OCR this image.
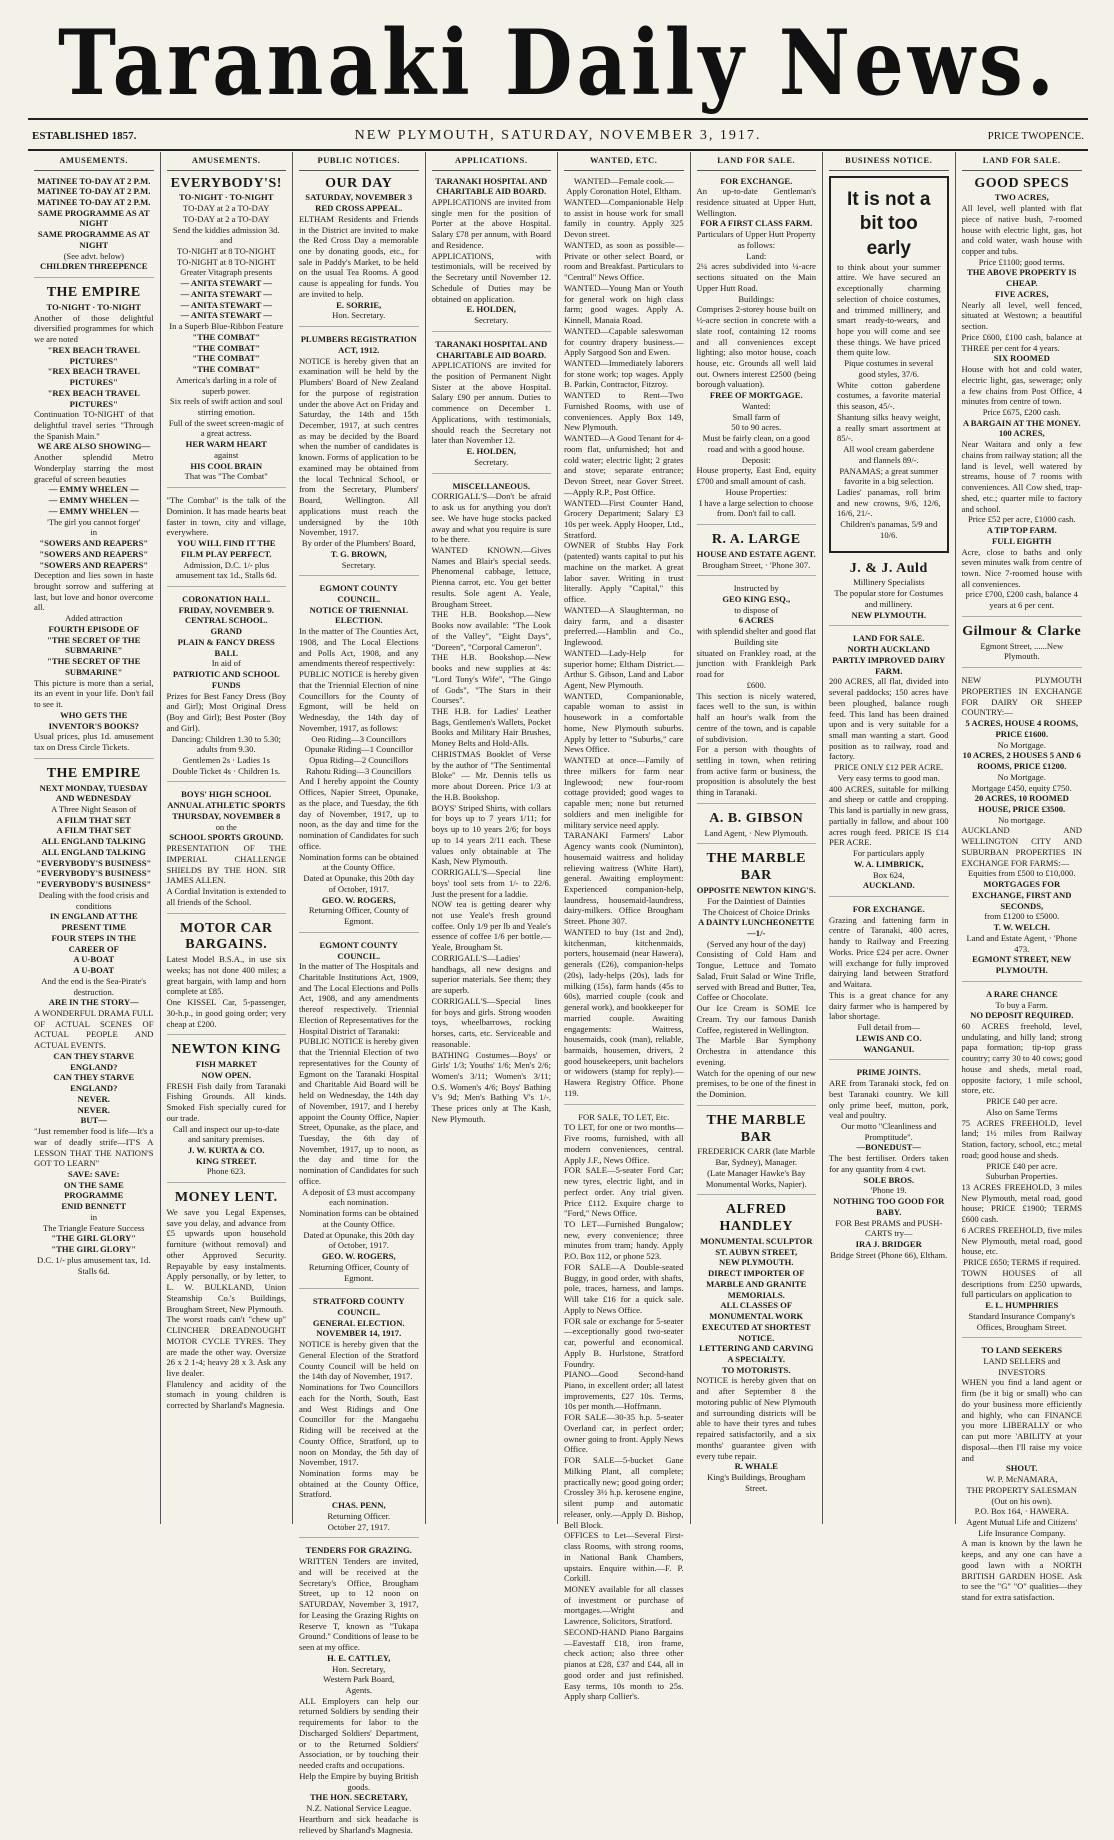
Taranaki Daily News.
ESTABLISHED 1857.	NEW PLYMOUTH, SATURDAY, NOVEMBER 3, 1917.	PRICE TWOPENCE.
AMUSEMENTS.
MATINEE TO-DAY AT 2 P.M.
MATINEE TO-DAY AT 2 P.M.
MATINEE TO-DAY AT 2 P.M.
SAME PROGRAMME AS AT NIGHT
SAME PROGRAMME AS AT NIGHT
(See advt. below)
CHILDREN THREEPENCE
THE EMPIRE
TO-NIGHT · TO-NIGHT
Another of those delightful diversified programmes for which we are noted
"REX BEACH TRAVEL PICTURES"
"REX BEACH TRAVEL PICTURES"
"REX BEACH TRAVEL PICTURES"
Continuation TO-NIGHT of that delightful travel series "Through the Spanish Main."
WE ARE ALSO SHOWING—
Another splendid Metro Wonderplay starring the most graceful of screen beauties
— EMMY WHELEN —
— EMMY WHELEN —
— EMMY WHELEN —
'The girl you cannot forget'
in
"SOWERS AND REAPERS"
"SOWERS AND REAPERS"
"SOWERS AND REAPERS"
Deception and lies sown in haste brought sorrow and suffering at last, but love and honor overcome all.
Added attraction
FOURTH EPISODE OF
"THE SECRET OF THE SUBMARINE"
"THE SECRET OF THE SUBMARINE"
This picture is more than a serial, its an event in your life. Don't fail to see it.
WHO GETS THE INVENTOR'S BOOKS?
Usual prices, plus 1d. amusement tax on Dress Circle Tickets.
THE EMPIRE
NEXT MONDAY, TUESDAY AND WEDNESDAY
A Three Night Season of
A FILM THAT SET
A FILM THAT SET
ALL ENGLAND TALKING
ALL ENGLAND TALKING
"EVERYBODY'S BUSINESS"
"EVERYBODY'S BUSINESS"
"EVERYBODY'S BUSINESS"
Dealing with the food crisis and conditions
IN ENGLAND AT THE PRESENT TIME
FOUR STEPS IN THE CAREER OF
A U-BOAT
A U-BOAT
And the end is the Sea-Pirate's destruction.
ARE IN THE STORY—
A WONDERFUL DRAMA FULL OF ACTUAL SCENES OF ACTUAL PEOPLE AND ACTUAL EVENTS.
CAN THEY STARVE ENGLAND?
CAN THEY STARVE ENGLAND?
NEVER.
NEVER.
BUT—
"Just remember food is life—It's a war of deadly strife—IT'S A LESSON THAT THE NATION'S GOT TO LEARN"
SAVE: SAVE:
ON THE SAME PROGRAMME
ENID BENNETT
in
The Triangle Feature Success
"THE GIRL GLORY"
"THE GIRL GLORY"
D.C. 1/- plus amusement tax, 1d. Stalls 6d.
AMUSEMENTS.
EVERYBODY'S!
TO-NIGHT · TO-NIGHT
TO-DAY at 2 a TO-DAY
TO-DAY at 2 a TO-DAY
Send the kiddies admission 3d.
and
TO-NIGHT at 8 TO-NIGHT
TO-NIGHT at 8 TO-NIGHT
Greater Vitagraph presents
— ANITA STEWART —
— ANITA STEWART —
— ANITA STEWART —
— ANITA STEWART —
In a Superb Blue-Ribbon Feature
"THE COMBAT"
"THE COMBAT"
"THE COMBAT"
"THE COMBAT"
America's darling in a role of superb power.
Six reels of swift action and soul stirring emotion.
Full of the sweet screen-magic of a great actress.
HER WARM HEART
against
HIS COOL BRAIN
That was "The Combat"
"The Combat" is the talk of the Dominion. It has made hearts beat faster in town, city and village, everywhere.
YOU WILL FIND IT THE FILM PLAY PERFECT.
Admission, D.C. 1/- plus amusement tax 1d., Stalls 6d.
CORONATION HALL.
FRIDAY, NOVEMBER 9.
CENTRAL SCHOOL.
GRAND
PLAIN & FANCY DRESS
BALL
In aid of
PATRIOTIC AND SCHOOL FUNDS
Prizes for Best Fancy Dress (Boy and Girl); Most Original Dress (Boy and Girl); Best Poster (Boy and Girl).
Dancing: Children 1.30 to 5.30; adults from 9.30.
Gentlemen 2s · Ladies 1s
Double Ticket 4s · Children 1s.
BOYS' HIGH SCHOOL
ANNUAL ATHLETIC SPORTS
THURSDAY, NOVEMBER 8
on the
SCHOOL SPORTS GROUND.
PRESENTATION OF THE IMPERIAL CHALLENGE SHIELDS BY THE HON. SIR JAMES ALLEN.
A Cordial Invitation is extended to all friends of the School.
MOTOR CAR BARGAINS.
Latest Model B.S.A., in use six weeks; has not done 400 miles; a great bargain, with lamp and horn complete at £85.
One KISSEL Car, 5-passenger, 30-h.p., in good going order; very cheap at £200.
NEWTON KING
FISH MARKET
NOW OPEN.
FRESH Fish daily from Taranaki Fishing Grounds. All kinds. Smoked Fish specially cured for our trade.
Call and inspect our up-to-date and sanitary premises.
J. W. KURTA & CO.
KING STREET.
Phone 623.
MONEY LENT.
We save you Legal Expenses, save you delay, and advance from £5 upwards upon household furniture (without removal) and other Approved Security. Repayable by easy instalments. Apply personally, or by letter, to L. W. BULKLAND, Union Steamship Co.'s Buildings, Brougham Street, New Plymouth.
The worst roads can't "chew up" CLINCHER DREADNOUGHT MOTOR CYCLE TYRES. They are made the other way. Oversize 26 x 2 1-4; heavy 28 x 3. Ask any live dealer.
Flatulency and acidity of the stomach in young children is corrected by Sharland's Magnesia.
PUBLIC NOTICES.
OUR DAY
SATURDAY, NOVEMBER 3
RED CROSS APPEAL.
ELTHAM Residents and Friends in the District are invited to make the Red Cross Day a memorable one by donating goods, etc., for sale in Paddy's Market, to be held on the usual Tea Rooms. A good cause is appealing for funds. You are invited to help.
E. SORRIE,
Hon. Secretary.
PLUMBERS REGISTRATION ACT, 1912.
NOTICE is hereby given that an examination will be held by the Plumbers' Board of New Zealand for the purpose of registration under the above Act on Friday and Saturday, the 14th and 15th December, 1917, at such centres as may be decided by the Board when the number of candidates is known. Forms of application to be examined may be obtained from the local Technical School, or from the Secretary, Plumbers' Board, Wellington. All applications must reach the undersigned by the 10th November, 1917.
By order of the Plumbers' Board,
T. G. BROWN,
Secretary.
EGMONT COUNTY COUNCIL.
NOTICE OF TRIENNIAL ELECTION.
In the matter of The Counties Act, 1908, and The Local Elections and Polls Act, 1908, and any amendments thereof respectively:
PUBLIC NOTICE is hereby given that the Triennial Election of nine Councillors for the County of Egmont, will be held on Wednesday, the 14th day of November, 1917, as follows:
Oeo Riding—3 Councillors
Opunake Riding—1 Councillor
Opua Riding—2 Councillors
Rahotu Riding—3 Councillors
And I hereby appoint the County Offices, Napier Street, Opunake, as the place, and Tuesday, the 6th day of November, 1917, up to noon, as the day and time for the nomination of Candidates for such office.
Nomination forms can be obtained at the County Office.
Dated at Opunake, this 20th day of October, 1917.
GEO. W. ROGERS,
Returning Officer, County of Egmont.
EGMONT COUNTY COUNCIL.
In the matter of The Hospitals and Charitable Institutions Act, 1909, and The Local Elections and Polls Act, 1908, and any amendments thereof respectively. Triennial Election of Representatives for the Hospital District of Taranaki:
PUBLIC NOTICE is hereby given that the Triennial Election of two representatives for the County of Egmont on the Taranaki Hospital and Charitable Aid Board will be held on Wednesday, the 14th day of November, 1917, and I hereby appoint the County Office, Napier Street, Opunake, as the place, and Tuesday, the 6th day of November, 1917, up to noon, as the day and time for the nomination of Candidates for such office.
A deposit of £3 must accompany each nomination.
Nomination forms can be obtained at the County Office.
Dated at Opunake, this 20th day of October, 1917.
GEO. W. ROGERS,
Returning Officer, County of Egmont.
STRATFORD COUNTY COUNCIL.
GENERAL ELECTION.
NOVEMBER 14, 1917.
NOTICE is hereby given that the General Election of the Stratford County Council will be held on the 14th day of November, 1917.
Nominations for Two Councillors each for the North, South, East and West Ridings and One Councillor for the Mangaehu Riding will be received at the County Office, Stratford, up to noon on Monday, the 5th day of November, 1917.
Nomination forms may be obtained at the County Office, Stratford.
CHAS. PENN,
Returning Officer.
October 27, 1917.
TENDERS FOR GRAZING.
WRITTEN Tenders are invited, and will be received at the Secretary's Office, Brougham Street, up to 12 noon on SATURDAY, November 3, 1917, for Leasing the Grazing Rights on Reserve T, known as "Tukapa Ground." Conditions of lease to be seen at my office.
H. E. CATTLEY,
Hon. Secretary,
Western Park Board,
Agents.
ALL Employers can help our returned Soldiers by sending their requirements for labor to the Discharged Soldiers' Department, or to the Returned Soldiers' Association, or by touching their needed crafts and occupations.
Help the Empire by buying British goods.
THE HON. SECRETARY,
N.Z. National Service League.
Heartburn and sick headache is relieved by Sharland's Magnesia.
APPLICATIONS.
TARANAKI HOSPITAL AND CHARITABLE AID BOARD.
APPLICATIONS are invited from single men for the position of Porter at the above Hospital. Salary £78 per annum, with Board and Residence.
APPLICATIONS, with testimonials, will be received by the Secretary until November 12. Schedule of Duties may be obtained on application.
E. HOLDEN,
Secretary.
TARANAKI HOSPITAL AND CHARITABLE AID BOARD.
APPLICATIONS are invited for the position of Permanent Night Sister at the above Hospital. Salary £90 per annum. Duties to commence on December 1. Applications, with testimonials, should reach the Secretary not later than November 12.
E. HOLDEN,
Secretary.
MISCELLANEOUS.
CORRIGALL'S—Don't be afraid to ask us for anything you don't see. We have huge stocks packed away and what you require is sure to be there.
WANTED KNOWN.—Gives Names and Blair's special seeds. Phenomenal cabbage, lettuce, Pienna carrot, etc. You get better results. Sole agent A. Yeale, Brougham Street.
THE H.B. Bookshop.—New Books now available: "The Look of the Valley", "Eight Days", "Doreen", "Corporal Cameron".
THE H.B. Bookshop.—New books and new supplies at 4s: "Lord Tony's Wife", "The Gingo of Gods", "The Stars in their Courses".
THE H.B. for Ladies' Leather Bags, Gentlemen's Wallets, Pocket Books and Military Hair Brushes, Money Belts and Hold-Alls.
CHRISTMAS Booklet of Verse by the author of "The Sentimental Bloke" — Mr. Dennis tells us more about Doreen. Price 1/3 at the H.B. Bookshop.
BOYS' Striped Shirts, with collars for boys up to 7 years 1/11; for boys up to 10 years 2/6; for boys up to 14 years 2/11 each. These values only obtainable at The Kash, New Plymouth.
CORRIGALL'S—Special line boys' tool sets from 1/- to 22/6. Just the present for a laddie.
NOW tea is getting dearer why not use Yeale's fresh ground coffee. Only 1/9 per lb and Yeale's essence of coffee 1/6 per bottle.—Yeale, Brougham St.
CORRIGALL'S—Ladies' handbags, all new designs and superior materials. See them; they are superb.
CORRIGALL'S—Special lines for boys and girls. Strong wooden toys, wheelbarrows, rocking horses, carts, etc. Serviceable and reasonable.
BATHING Costumes—Boys' or Girls' 1/3; Youths' 1/6; Men's 2/6; Women's 3/11; Women's 3/11; O.S. Women's 4/6; Boys' Bathing V's 9d; Men's Bathing V's 1/-. These prices only at The Kash, New Plymouth.
WANTED, ETC.
WANTED—Female cook.—Apply Coronation Hotel, Eltham.
WANTED—Companionable Help to assist in house work for small family in country. Apply 325 Devon street.
WANTED, as soon as possible—Private or other select Board, or room and Breakfast. Particulars to "Central" News Office.
WANTED—Young Man or Youth for general work on high class farm; good wages. Apply A. Kinnell, Manaia Road.
WANTED—Capable saleswoman for country drapery business.—Apply Sargood Son and Ewen.
WANTED—Immediately laborers for stone work; top wages. Apply B. Parkin, Contractor, Fitzroy.
WANTED to Rent—Two Furnished Rooms, with use of conveniences. Apply Box 149, New Plymouth.
WANTED—A Good Tenant for 4-room flat, unfurnished; hot and cold water; electric light; 2 grates and stove; separate entrance; Devon Street, near Gover Street.—Apply R.P., Post Office.
WANTED—First Counter Hand, Grocery Department; Salary £3 10s per week. Apply Hooper, Ltd., Stratford.
OWNER of Stubbs Hay Fork (patented) wants capital to put his machine on the market. A great labor saver. Writing in trust literally. Apply "Capital," this office.
WANTED—A Slaughterman, no dairy farm, and a disaster preferred.—Hamblin and Co., Inglewood.
WANTED—Lady-Help for superior home; Eltham District.—Arthur S. Gibson, Land and Labor Agent, New Plymouth.
WANTED, Companionable, capable woman to assist in housework in a comfortable home, New Plymouth suburbs. Apply by letter to "Suburbs," care News Office.
WANTED at once—Family of three milkers for farm near Inglewood; new four-room cottage provided; good wages to capable men; none but returned soldiers and men ineligible for military service need apply.
TARANAKI Farmers' Labor Agency wants cook (Numinton), housemaid waitress and holiday relieving waitress (White Hart), general. Awaiting employment: Experienced companion-help, laundress, housemaid-laundress, dairy-milkers. Office Brougham Street. Phone 307.
WANTED to buy (1st and 2nd), kitchenman, kitchenmaids, porters, housemaid (near Hawera), generals (£26), companion-helps (20s), lady-helps (20s), lads for milking (15s), farm hands (45s to 60s), married couple (cook and general work), and bookkeeper for married couple. Awaiting engagements: Waitress, housemaids, cook (man), reliable, barmaids, housemen, drivers, 2 good housekeepers, unit bachelors or widowers (stamp for reply).—Hawera Registry Office. Phone 119.
FOR SALE, TO LET, Etc.
TO LET, for one or two months—Five rooms, furnished, with all modern conveniences, central. Apply J.F., News Office.
FOR SALE—5-seater Ford Car; new tyres, electric light, and in perfect order. Any trial given. Price £112. Exquire charge to "Ford," News Office.
TO LET—Furnished Bungalow; new, every convenience; three minutes from tram; handy. Apply P.O. Box 112, or phone 523.
FOR SALE—A Double-seated Buggy, in good order, with shafts, pole, traces, harness, and lamps. Will take £16 for a quick sale. Apply to News Office.
FOR sale or exchange for 5-seater—exceptionally good two-seater car, powerful and economical. Apply B. Hurlstone, Stratford Foundry.
PIANO—Good Second-hand Piano, in excellent order; all latest improvements, £27 10s. Terms, 10s per month.—Hoffmann.
FOR SALE—30-35 h.p. 5-seater Overland car, in perfect order; owner going to front. Apply News Office.
FOR SALE—5-bucket Gane Milking Plant, all complete; practically new; good going order; Crossley 3½ h.p. kerosene engine, silent pump and automatic releaser, only.—Apply D. Bishop, Bell Block.
OFFICES to Let—Several First-class Rooms, with strong rooms, in National Bank Chambers, upstairs. Enquire within.—F. P. Corkill.
MONEY available for all classes of investment or purchase of mortgages.—Wright and Lawrence, Solicitors, Stratford.
SECOND-HAND Piano Bargains—Eavestaff £18, iron frame, check action; also three other pianos at £28, £37 and £44, all in good order and just refinished. Easy terms, 10s month to 25s. Apply sharp Collier's.
LAND FOR SALE.
FOR EXCHANGE.
An up-to-date Gentleman's residence situated at Upper Hutt, Wellington.
FOR A FIRST CLASS FARM.
Particulars of Upper Hutt Property as follows:
Land:
2¼ acres subdivided into ¼-acre sections situated on the Main Upper Hutt Road.
Buildings:
Comprises 2-storey house built on ½-acre section in concrete with a slate roof, containing 12 rooms and all conveniences except lighting; also motor house, coach house, etc. Grounds all well laid out. Owners interest £2500 (being borough valuation).
FREE OF MORTGAGE.
Wanted:
Small farm of
50 to 90 acres.
Must be fairly clean, on a good road and with a good house.
Deposit:
House property, East End, equity £700 and small amount of cash.
House Properties:
I have a large selection to choose from. Don't fail to call.
R. A. LARGE
HOUSE AND ESTATE AGENT.
Brougham Street, · 'Phone 307.
Instructed by
GEO KING ESQ.,
to dispose of
6 ACRES
with splendid shelter and good flat
Building site
situated on Frankley road, at the junction with Frankleigh Park road for
£600.
This section is nicely watered, faces well to the sun, is within half an hour's walk from the centre of the town, and is capable of subdivision.
For a person with thoughts of settling in town, when retiring from active farm or business, the proposition is absolutely the best thing in Taranaki.
A. B. GIBSON
Land Agent, · New Plymouth.
THE MARBLE BAR
OPPOSITE NEWTON KING'S.
For the Daintiest of Dainties
The Choicest of Choice Drinks
A DAINTY LUNCHEONETTE—1/-
(Served any hour of the day)
Consisting of Cold Ham and Tongue, Lettuce and Tomato Salad, Fruit Salad or Wine Trifle, served with Bread and Butter, Tea, Coffee or Chocolate.
Our Ice Cream is SOME Ice Cream. Try our famous Danish Coffee, registered in Wellington.
The Marble Bar Symphony Orchestra in attendance this evening.
Watch for the opening of our new premises, to be one of the finest in the Dominion.
THE MARBLE BAR
FREDERICK CARR (late Marble Bar, Sydney), Manager.
(Late Manager Hawke's Bay Monumental Works, Napier).
ALFRED HANDLEY
MONUMENTAL SCULPTOR
ST. AUBYN STREET,
NEW PLYMOUTH.
DIRECT IMPORTER OF MARBLE AND GRANITE MEMORIALS.
ALL CLASSES OF MONUMENTAL WORK EXECUTED AT SHORTEST NOTICE.
LETTERING AND CARVING A SPECIALTY.
TO MOTORISTS.
NOTICE is hereby given that on and after September 8 the motoring public of New Plymouth and surrounding districts will be able to have their tyres and tubes repaired satisfactorily, and a six months' guarantee given with every tube repair.
R. WHALE
King's Buildings, Brougham Street.
BUSINESS NOTICE.
It is not a bit too early
to think about your summer attire. We have secured an exceptionally charming selection of choice costumes, and trimmed millinery, and smart ready-to-wears, and hope you will come and see these things. We have priced them quite low.
Pique costumes in several good styles, 37/6.
White cotton gaberdene costumes, a favorite material this season, 45/-.
Shantung silks heavy weight, a really smart assortment at 85/-.
All wool cream gaberdene and flannels 89/-.
PANAMAS; a great summer favorite in a big selection.
Ladies' panamas, roll brim and new crowns, 9/6, 12/6, 16/6, 21/-.
Children's panamas, 5/9 and 10/6.
J. & J. Auld
Millinery Specialists
The popular store for Costumes and millinery.
NEW PLYMOUTH.
LAND FOR SALE.
NORTH AUCKLAND
PARTLY IMPROVED DAIRY FARM.
200 ACRES, all flat, divided into several paddocks; 150 acres have been ploughed, balance rough feed. This land has been drained upon and is very suitable for a small man wanting a start. Good position as to railway, road and factory.
PRICE ONLY £12 PER ACRE. Very easy terms to good man.
400 ACRES, suitable for milking and sheep or cattle and cropping. This land is partially in new grass, partially in fallow, and about 100 acres rough feed. PRICE IS £14 PER ACRE.
For particulars apply
W. A. LIMBRICK,
Box 624,
AUCKLAND.
FOR EXCHANGE.
Grazing and fattening farm in centre of Taranaki, 400 acres, handy to Railway and Freezing Works. Price £24 per acre. Owner will exchange for fully improved dairying land between Stratford and Waitara.
This is a great chance for any dairy farmer who is hampered by labor shortage.
Full detail from—
LEWIS AND CO.
WANGANUI.
PRIME JOINTS.
ARE from Taranaki stock, fed on best Taranaki country. We kill only prime beef, mutton, pork, veal and poultry.
Our motto "Cleanliness and Promptitude".
—BONEDUST—
The best fertiliser. Orders taken for any quantity from 4 cwt.
SOLE BROS.
'Phone 19.
NOTHING TOO GOOD FOR BABY.
FOR Best PRAMS and PUSH-CARTS try—
IRA J. BRIDGER
Bridge Street (Phone 66), Eltham.
LAND FOR SALE.
GOOD SPECS
TWO ACRES,
All level, well planted with flat piece of native bush, 7-roomed house with electric light, gas, hot and cold water, wash house with copper and tubs.
Price £1100; good terms.
THE ABOVE PROPERTY IS CHEAP.
FIVE ACRES,
Nearly all level, well fenced, situated at Westown; a beautiful section.
Price £600, £100 cash, balance at THREE per cent for 4 years.
SIX ROOMED
House with hot and cold water, electric light, gas, sewerage; only a few chains from Post Office, 4 minutes from centre of town.
Price £675, £200 cash.
A BARGAIN AT THE MONEY.
100 ACRES,
Near Waitara and only a few chains from railway station; all the land is level, well watered by streams, house of 7 rooms with conveniences. All Cow shed, trap-shed, etc.; quarter mile to factory and school.
Price £52 per acre, £1000 cash.
A TIP TOP FARM.
FULL EIGHTH
Acre, close to baths and only seven minutes walk from centre of town. Nice 7-roomed house with all conveniences.
price £700, £200 cash, balance 4 years at 6 per cent.
Gilmour & Clarke
Egmont Street, ......New Plymouth.
NEW PLYMOUTH PROPERTIES IN EXCHANGE FOR DAIRY OR SHEEP COUNTRY:—
5 ACRES, HOUSE 4 ROOMS, PRICE £1600.
No Mortgage.
10 ACRES, 2 HOUSES 5 AND 6 ROOMS, PRICE £1200.
No Mortgage.
Mortgage £450, equity £750.
20 ACRES, 10 ROOMED HOUSE, PRICE £3500.
No mortgage.
AUCKLAND AND WELLINGTON CITY AND SUBURBAN PROPERTIES IN EXCHANGE FOR FARMS:—
Equities from £500 to £10,000.
MORTGAGES FOR EXCHANGE, FIRST AND SECONDS,
from £1200 to £5000.
T. W. WELCH.
Land and Estate Agent, · 'Phone 473.
EGMONT STREET, NEW PLYMOUTH.
A RARE CHANCE
To buy a Farm.
NO DEPOSIT REQUIRED.
60 ACRES freehold, level, undulating, and hilly land; strong papa formation; tip-top grass country; carry 30 to 40 cows; good house and sheds, metal road, opposite factory, 1 mile school, store, etc.
PRICE £40 per acre.
Also on Same Terms
75 ACRES FREEHOLD, level land; 1½ miles from Railway Station, factory, school, etc.; metal road; good house and sheds.
PRICE £40 per acre.
Suburban Properties.
13 ACRES FREEHOLD, 3 miles New Plymouth, metal road, good house; PRICE £1900; TERMS £600 cash.
6 ACRES FREEHOLD, five miles New Plymouth, metal road, good house, etc.
PRICE £650; TERMS if required.
TOWN HOUSES of all descriptions from £250 upwards, full particulars on application to
E. L. HUMPHRIES
Standard Insurance Company's Offices, Brougham Street.
TO LAND SEEKERS
LAND SELLERS and INVESTORS
WHEN you find a land agent or firm (be it big or small) who can do your business more efficiently and highly, who can FINANCE you more LIBERALLY or who can put more 'ABILITY at your disposal—then I'll raise my voice and
SHOUT.
W. P. McNAMARA,
THE PROPERTY SALESMAN (Out on his own).
P.O. Box 164, · HAWERA.
Agent Mutual Life and Citizens' Life Insurance Company.
A man is known by the lawn he keeps, and any one can have a good lawn with a NORTH BRITISH GARDEN HOSE. Ask to see the "G" "O" qualities—they stand for extra satisfaction.
